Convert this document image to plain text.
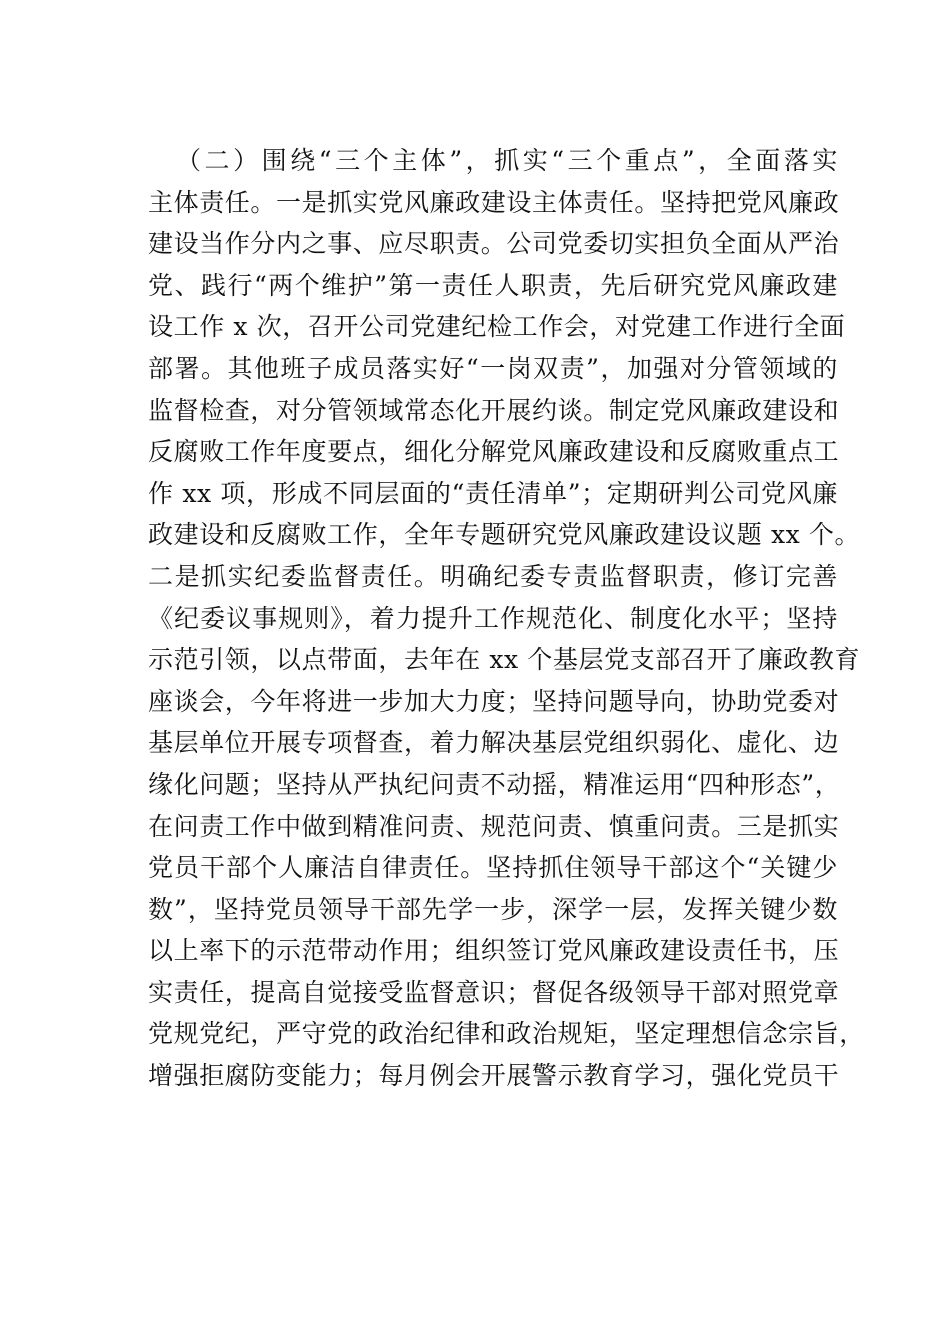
（二）围绕“三个主体”，抓实“三个重点”，全面落实
主体责任。一是抓实党风廉政建设主体责任。坚持把党风廉政
建设当作分内之事、应尽职责。公司党委切实担负全面从严治
党、践行“两个维护”第一责任人职责，先后研究党风廉政建
设工作 x 次，召开公司党建纪检工作会，对党建工作进行全面
部署。其他班子成员落实好“一岗双责”，加强对分管领域的
监督检查，对分管领域常态化开展约谈。制定党风廉政建设和
反腐败工作年度要点，细化分解党风廉政建设和反腐败重点工
作 xx 项，形成不同层面的“责任清单”；定期研判公司党风廉
政建设和反腐败工作，全年专题研究党风廉政建设议题 xx 个。
二是抓实纪委监督责任。明确纪委专责监督职责，修订完善
《纪委议事规则》，着力提升工作规范化、制度化水平；坚持
示范引领，以点带面，去年在 xx 个基层党支部召开了廉政教育
座谈会，今年将进一步加大力度；坚持问题导向，协助党委对
基层单位开展专项督查，着力解决基层党组织弱化、虚化、边
缘化问题；坚持从严执纪问责不动摇，精准运用“四种形态”，
在问责工作中做到精准问责、规范问责、慎重问责。三是抓实
党员干部个人廉洁自律责任。坚持抓住领导干部这个“关键少
数”，坚持党员领导干部先学一步，深学一层，发挥关键少数
以上率下的示范带动作用；组织签订党风廉政建设责任书，压
实责任，提高自觉接受监督意识；督促各级领导干部对照党章
党规党纪，严守党的政治纪律和政治规矩，坚定理想信念宗旨，
增强拒腐防变能力；每月例会开展警示教育学习，强化党员干
